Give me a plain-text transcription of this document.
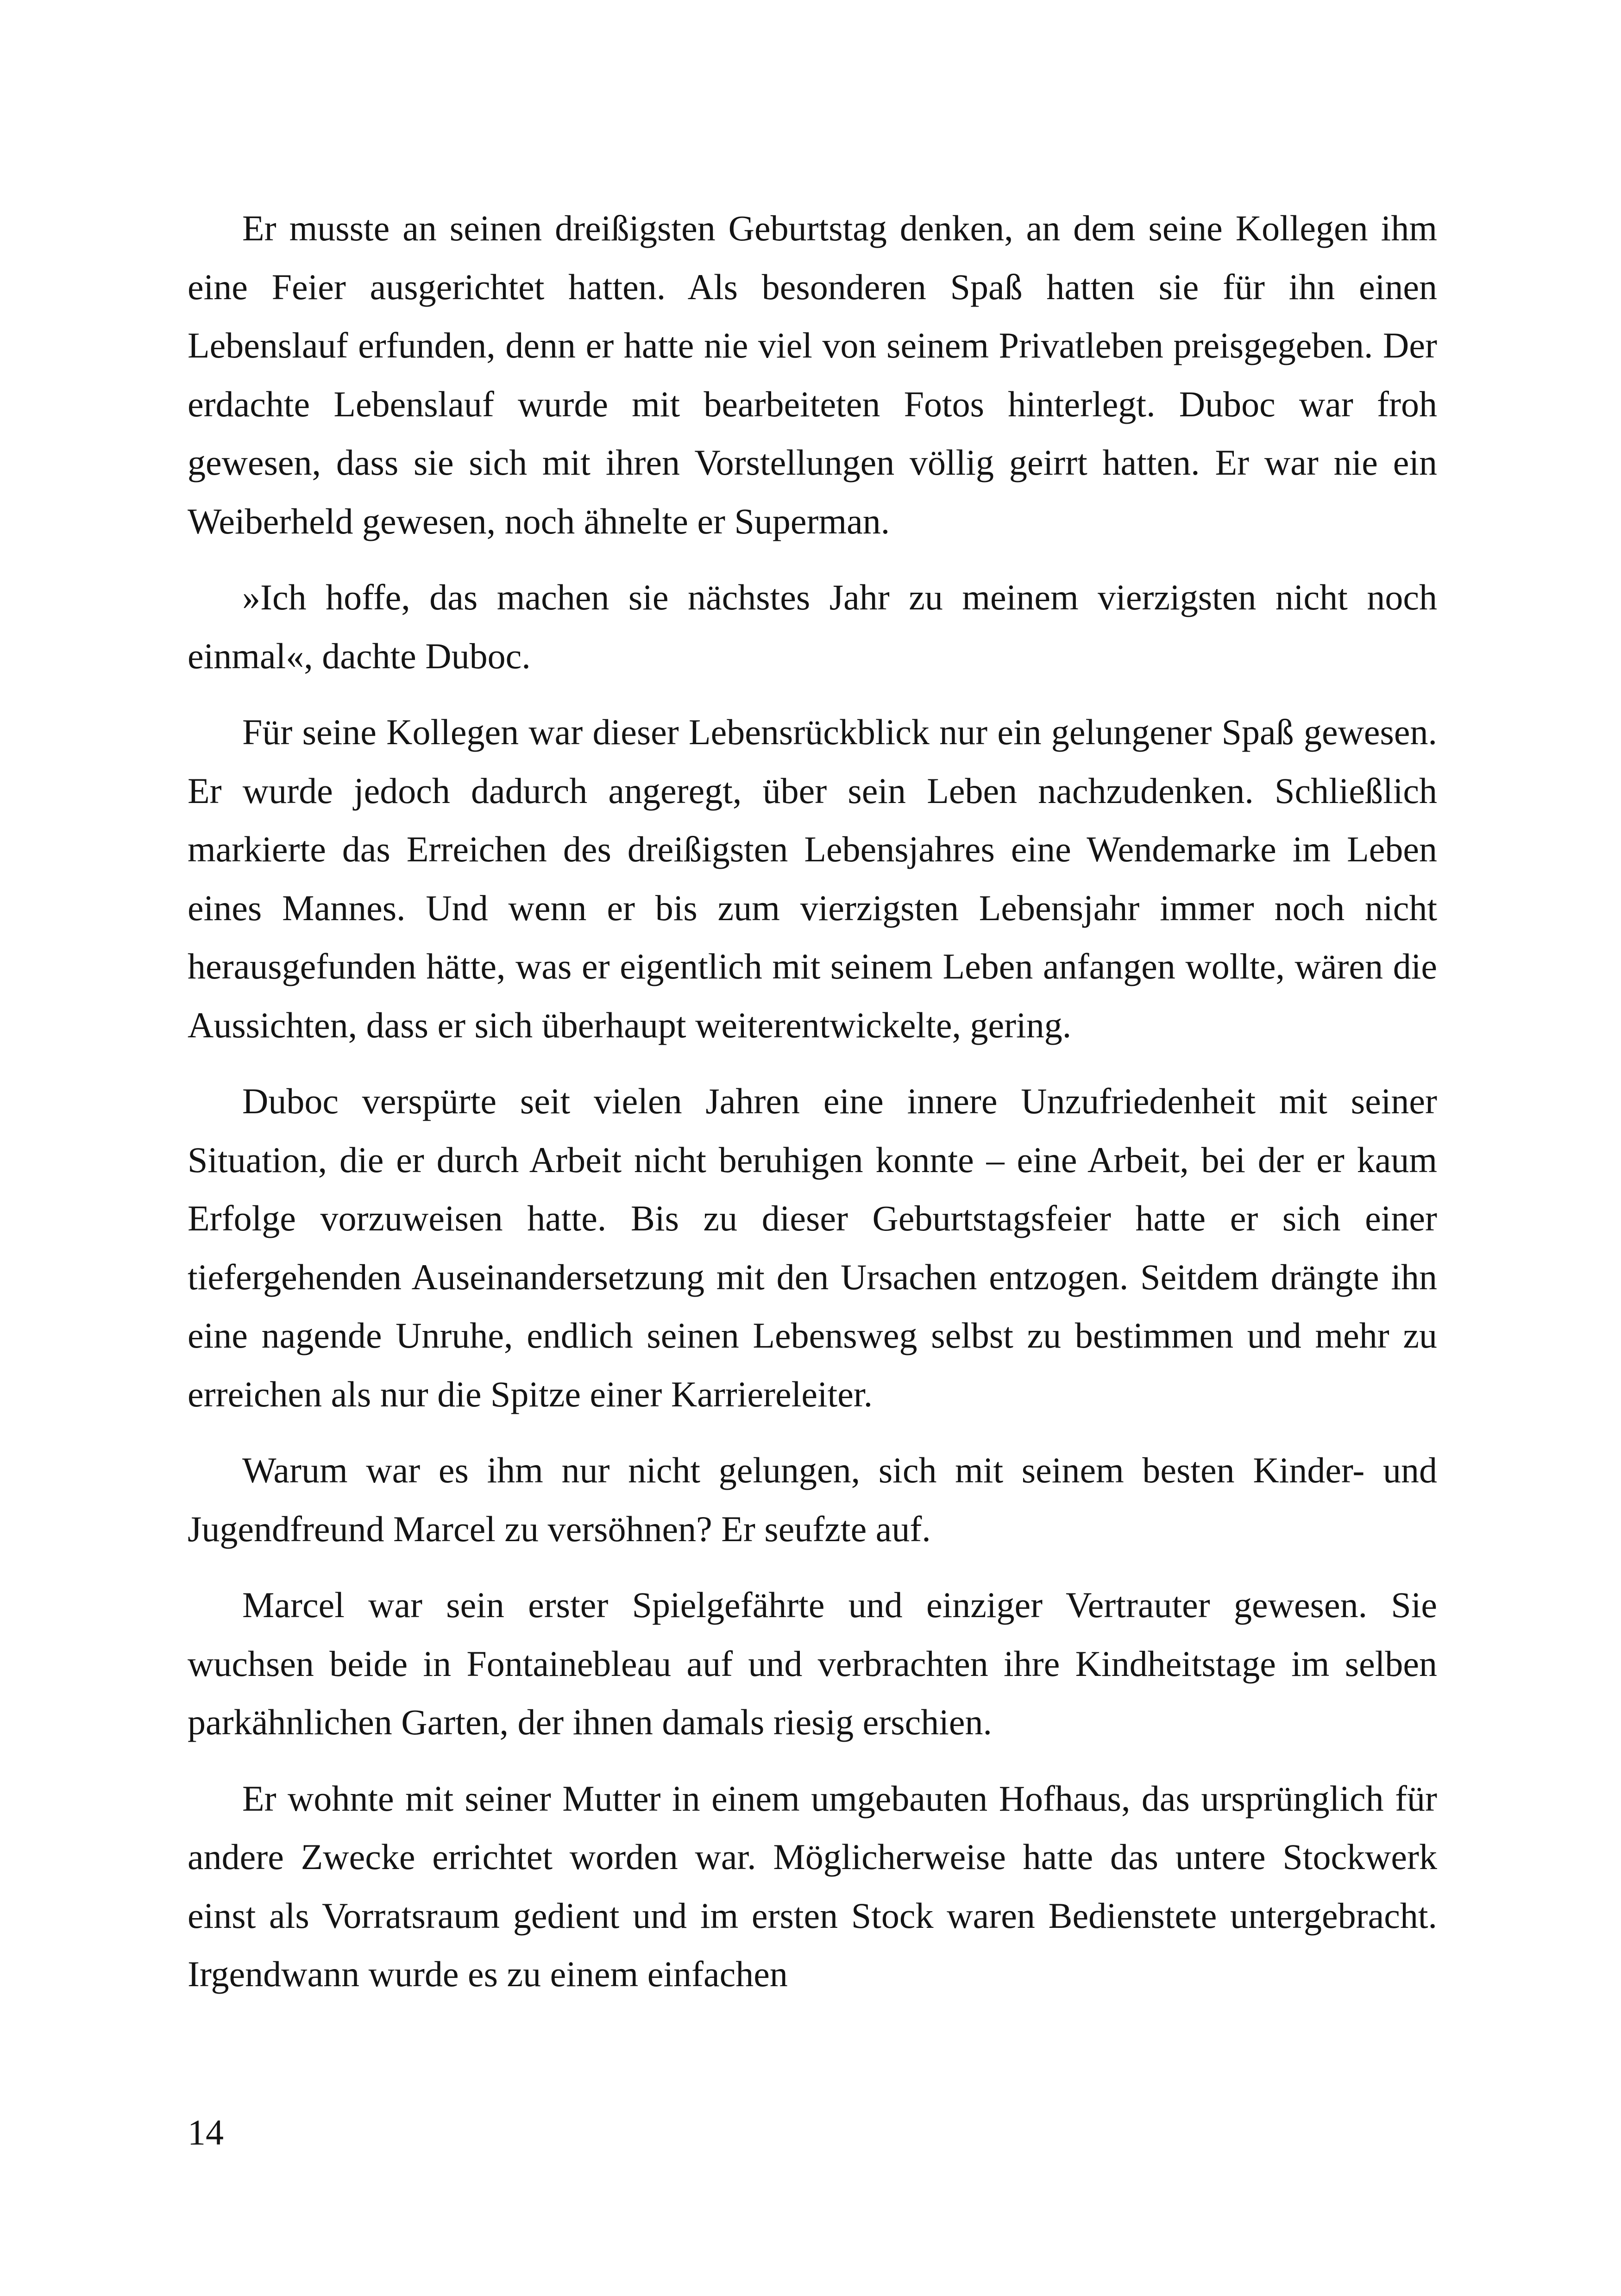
Er musste an seinen dreißigsten Geburtstag denken, an dem seine Kollegen ihm eine Feier ausgerichtet hatten. Als besonderen Spaß hatten sie für ihn einen Lebenslauf erfunden, denn er hatte nie viel von seinem Privatleben preisgegeben. Der erdachte Lebenslauf wurde mit bearbeiteten Fotos hinterlegt. Duboc war froh gewesen, dass sie sich mit ihren Vorstellungen völlig geirrt hatten. Er war nie ein Weiberheld gewesen, noch ähnelte er Superman.

»Ich hoffe, das machen sie nächstes Jahr zu meinem vierzigsten nicht noch einmal«, dachte Duboc.

Für seine Kollegen war dieser Lebensrückblick nur ein gelungener Spaß gewesen. Er wurde jedoch dadurch angeregt, über sein Leben nachzudenken. Schließlich markierte das Erreichen des dreißigsten Lebensjahres eine Wendemarke im Leben eines Mannes. Und wenn er bis zum vierzigsten Lebensjahr immer noch nicht herausgefunden hätte, was er eigentlich mit seinem Leben anfangen wollte, wären die Aussichten, dass er sich überhaupt weiterentwickelte, gering.

Duboc verspürte seit vielen Jahren eine innere Unzufriedenheit mit seiner Situation, die er durch Arbeit nicht beruhigen konnte – eine Arbeit, bei der er kaum Erfolge vorzuweisen hatte. Bis zu dieser Geburtstagsfeier hatte er sich einer tiefergehenden Auseinandersetzung mit den Ursachen entzogen. Seitdem drängte ihn eine nagende Unruhe, endlich seinen Lebensweg selbst zu bestimmen und mehr zu erreichen als nur die Spitze einer Karriereleiter.

Warum war es ihm nur nicht gelungen, sich mit seinem besten Kinder- und Jugendfreund Marcel zu versöhnen? Er seufzte auf.

Marcel war sein erster Spielgefährte und einziger Vertrauter gewesen. Sie wuchsen beide in Fontainebleau auf und verbrachten ihre Kindheitstage im selben parkähnlichen Garten, der ihnen damals riesig erschien.

Er wohnte mit seiner Mutter in einem umgebauten Hofhaus, das ursprünglich für andere Zwecke errichtet worden war. Möglicherweise hatte das untere Stockwerk einst als Vorratsraum gedient und im ersten Stock waren Bedienstete untergebracht. Irgendwann wurde es zu einem einfachen

14
